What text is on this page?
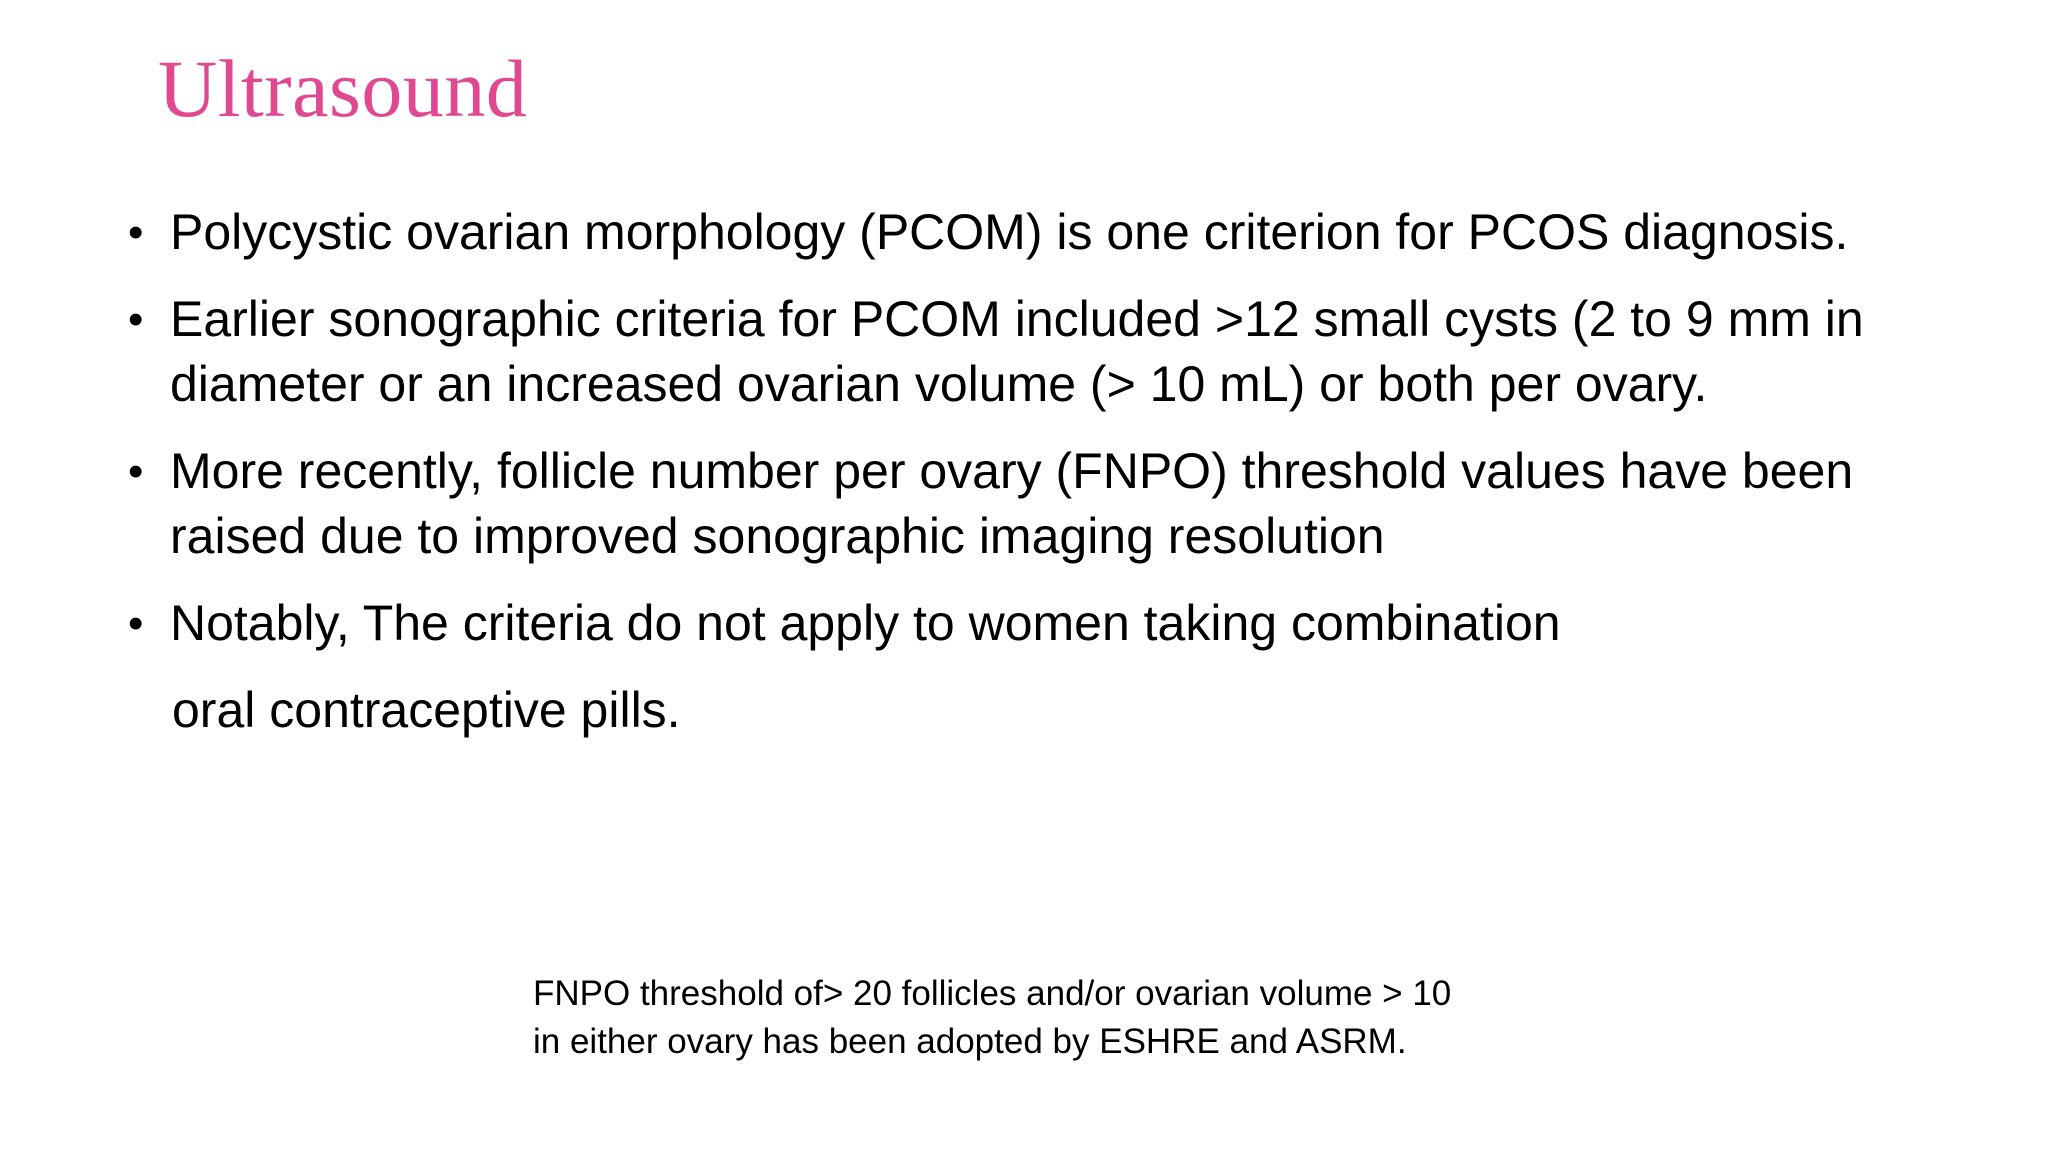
Ultrasound
• Polycystic ovarian morphology (PCOM) is one criterion for PCOS diagnosis.
• Earlier sonographic criteria for PCOM included >12 small cysts (2 to 9 mm in diameter or an increased ovarian volume (> 10 mL) or both per ovary.
• More recently, follicle number per ovary (FNPO) threshold values have been raised due to improved sonographic imaging resolution
• Notably, The criteria do not apply to women taking combination
oral contraceptive pills.

FNPO threshold of> 20 follicles and/or ovarian volume > 10
in either ovary has been adopted by ESHRE and ASRM.
